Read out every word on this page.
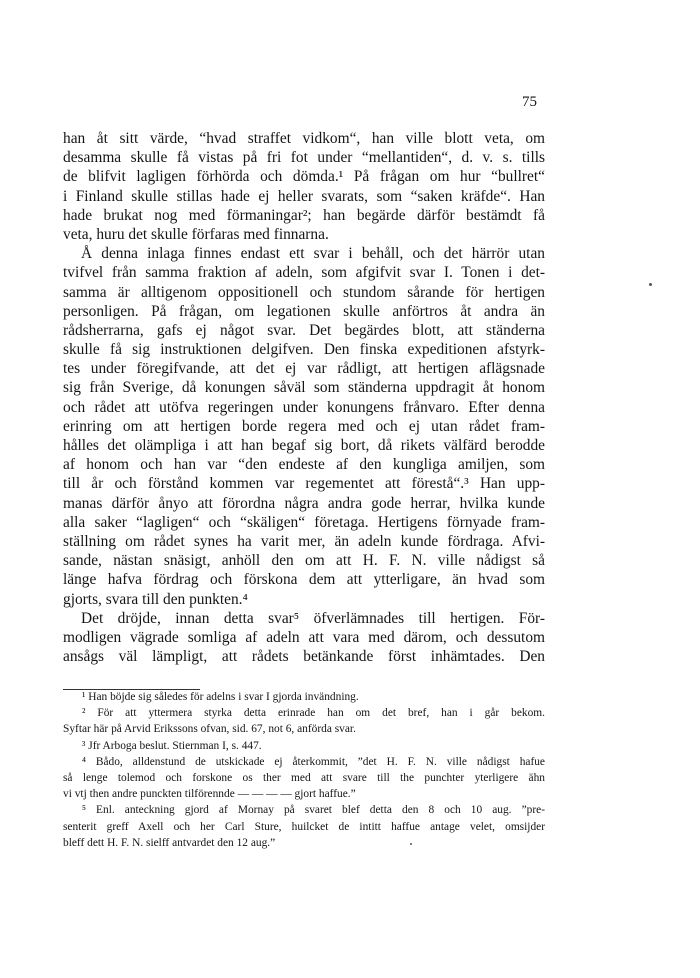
75
han åt sitt värde, “hvad straffet vidkom“, han ville blott veta, om
desamma skulle få vistas på fri fot under “mellantiden“, d. v. s. tills
de blifvit lagligen förhörda och dömda.¹ På frågan om hur “bullret“
i Finland skulle stillas hade ej heller svarats, som “saken kräfde“. Han
hade brukat nog med förmaningar²; han begärde därför bestämdt få
veta, huru det skulle förfaras med finnarna.
Å denna inlaga finnes endast ett svar i behåll, och det härrör utan
tvifvel från samma fraktion af adeln, som afgifvit svar I. Tonen i det-
samma är alltigenom oppositionell och stundom sårande för hertigen
personligen. På frågan, om legationen skulle anförtros åt andra än
rådsherrarna, gafs ej något svar. Det begärdes blott, att ständerna
skulle få sig instruktionen delgifven. Den finska expeditionen afstyrk-
tes under föregifvande, att det ej var rådligt, att hertigen aflägsnade
sig från Sverige, då konungen såväl som ständerna uppdragit åt honom
och rådet att utöfva regeringen under konungens frånvaro. Efter denna
erinring om att hertigen borde regera med och ej utan rådet fram-
hålles det olämpliga i att han begaf sig bort, då rikets välfärd berodde
af honom och han var “den endeste af den kungliga amiljen, som
till år och förstånd kommen var regementet att förestå“.³ Han upp-
manas därför ånyo att förordna några andra gode herrar, hvilka kunde
alla saker “lagligen“ och “skäligen“ företaga. Hertigens förnyade fram-
ställning om rådet synes ha varit mer, än adeln kunde fördraga. Afvi-
sande, nästan snäsigt, anhöll den om att H. F. N. ville nådigst så
länge hafva fördrag och förskona dem att ytterligare, än hvad som
gjorts, svara till den punkten.⁴
Det dröjde, innan detta svar⁵ öfverlämnades till hertigen. För-
modligen vägrade somliga af adeln att vara med därom, och dessutom
ansågs väl lämpligt, att rådets betänkande först inhämtades. Den
¹ Han böjde sig således för adelns i svar I gjorda invändning.
² För att yttermera styrka detta erinrade han om det bref, han i går bekom.
Syftar här på Arvid Erikssons ofvan, sid. 67, not 6, anförda svar.
³ Jfr Arboga beslut. Stiernman I, s. 447.
⁴ Bådo, alldenstund de utskickade ej återkommit, ”det H. F. N. ville nådigst hafue
så lenge tolemod och forskone os ther med att svare till the punchter yterligere ähn
vi vtj then andre punckten tilförennde — — — — gjort haffue.”
⁵ Enl. anteckning gjord af Mornay på svaret blef detta den 8 och 10 aug. ”pre-
senterit greff Axell och her Carl Sture, huilcket de intitt haffue antage velet, omsijder
bleff dett H. F. N. sielff antvardet den 12 aug.”
